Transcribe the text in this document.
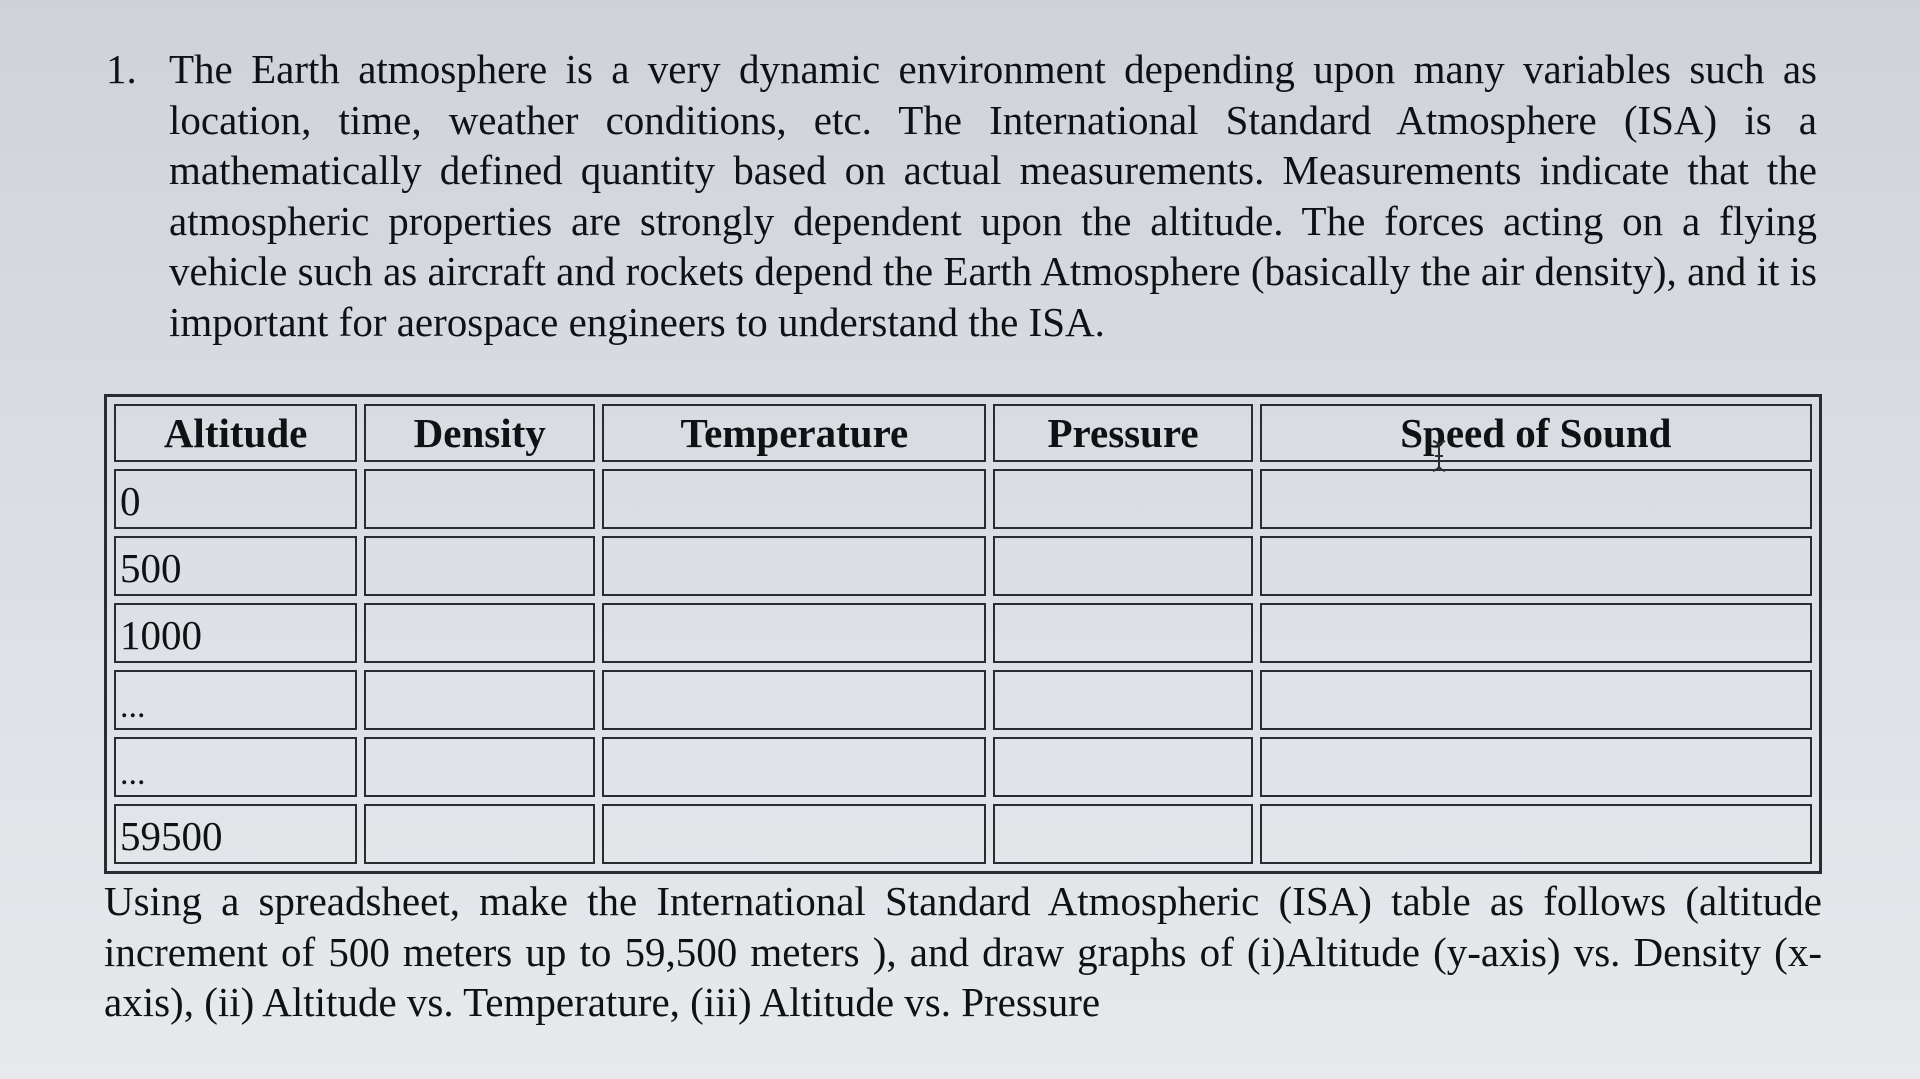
1. The Earth atmosphere is a very dynamic environment depending upon many variables such as location, time, weather conditions, etc. The International Standard Atmosphere (ISA) is a mathematically defined quantity based on actual measurements. Measurements indicate that the atmospheric properties are strongly dependent upon the altitude. The forces acting on a flying vehicle such as aircraft and rockets depend the Earth Atmosphere (basically the air density), and it is important for aerospace engineers to understand the ISA.
Altitude	Density	Temperature	Pressure	Speed of Sound
0				
500				
1000				
...				
...				
59500				
Using a spreadsheet, make the International Standard Atmospheric (ISA) table as follows (altitude increment of 500 meters up to 59,500 meters ), and draw graphs of (i)Altitude (y-axis) vs. Density (x- axis), (ii) Altitude vs. Temperature, (iii) Altitude vs. Pressure
